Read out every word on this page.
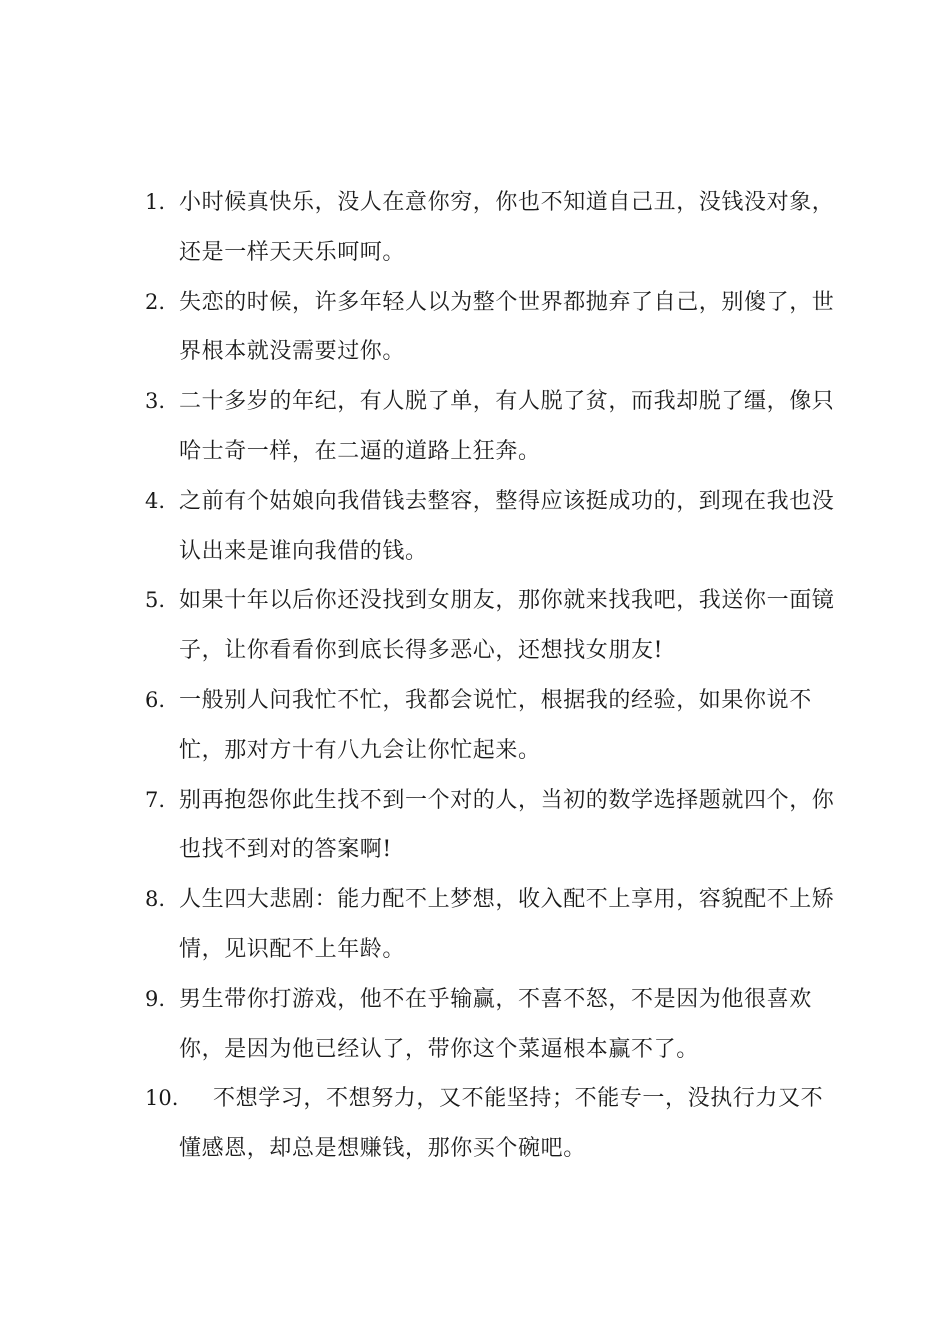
1. 小时候真快乐，没人在意你穷，你也不知道自己丑，没钱没对象，还是一样天天乐呵呵。
2. 失恋的时候，许多年轻人以为整个世界都抛弃了自己，别傻了，世界根本就没需要过你。
3. 二十多岁的年纪，有人脱了单，有人脱了贫，而我却脱了缰，像只哈士奇一样，在二逼的道路上狂奔。
4. 之前有个姑娘向我借钱去整容，整得应该挺成功的，到现在我也没认出来是谁向我借的钱。
5. 如果十年以后你还没找到女朋友，那你就来找我吧，我送你一面镜子，让你看看你到底长得多恶心，还想找女朋友!
6. 一般别人问我忙不忙，我都会说忙，根据我的经验，如果你说不忙，那对方十有八九会让你忙起来。
7. 别再抱怨你此生找不到一个对的人，当初的数学选择题就四个，你也找不到对的答案啊!
8. 人生四大悲剧：能力配不上梦想，收入配不上享用，容貌配不上矫情，见识配不上年龄。
9. 男生带你打游戏，他不在乎输赢，不喜不怒，不是因为他很喜欢你，是因为他已经认了，带你这个菜逼根本赢不了。
10.	不想学习，不想努力，又不能坚持；不能专一，没执行力又不懂感恩，却总是想赚钱，那你买个碗吧。
